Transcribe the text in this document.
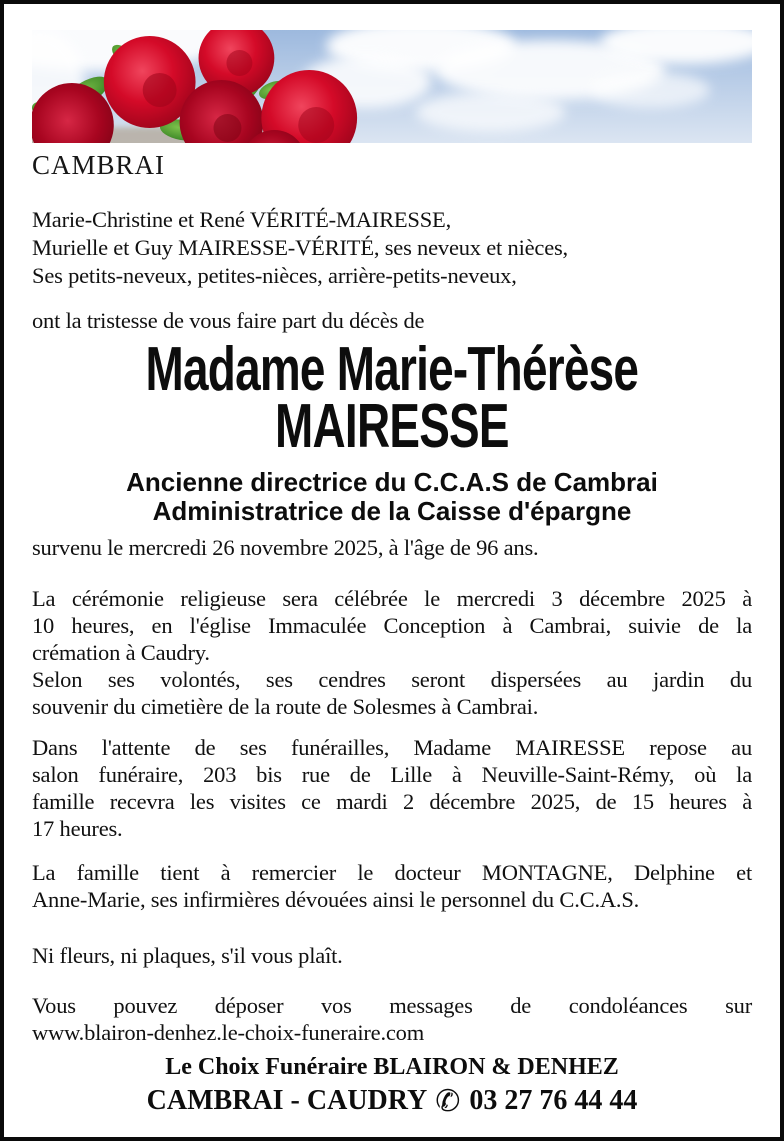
CAMBRAI
Marie-Christine et René VÉRITÉ-MAIRESSE,
Murielle et Guy MAIRESSE-VÉRITÉ, ses neveux et nièces,
Ses petits-neveux, petites-nièces, arrière-petits-neveux,
ont la tristesse de vous faire part du décès de
Madame Marie-Thérèse
MAIRESSE
Ancienne directrice du C.C.A.S de Cambrai
Administratrice de la Caisse d'épargne
survenu le mercredi 26 novembre 2025, à l'âge de 96 ans.
La cérémonie religieuse sera célébrée le mercredi 3 décembre 2025 à
10 heures, en l'église Immaculée Conception à Cambrai, suivie de la
crémation à Caudry.
Selon ses volontés, ses cendres seront dispersées au jardin du
souvenir du cimetière de la route de Solesmes à Cambrai.
Dans l'attente de ses funérailles, Madame MAIRESSE repose au
salon funéraire, 203 bis rue de Lille à Neuville-Saint-Rémy, où la
famille recevra les visites ce mardi 2 décembre 2025, de 15 heures à
17 heures.
La famille tient à remercier le docteur MONTAGNE, Delphine et
Anne-Marie, ses infirmières dévouées ainsi le personnel du C.C.A.S.
Ni fleurs, ni plaques, s'il vous plaît.
Vous pouvez déposer vos messages de condoléances sur
www.blairon-denhez.le-choix-funeraire.com
Le Choix Funéraire BLAIRON & DENHEZ
CAMBRAI - CAUDRY ✆ 03 27 76 44 44
